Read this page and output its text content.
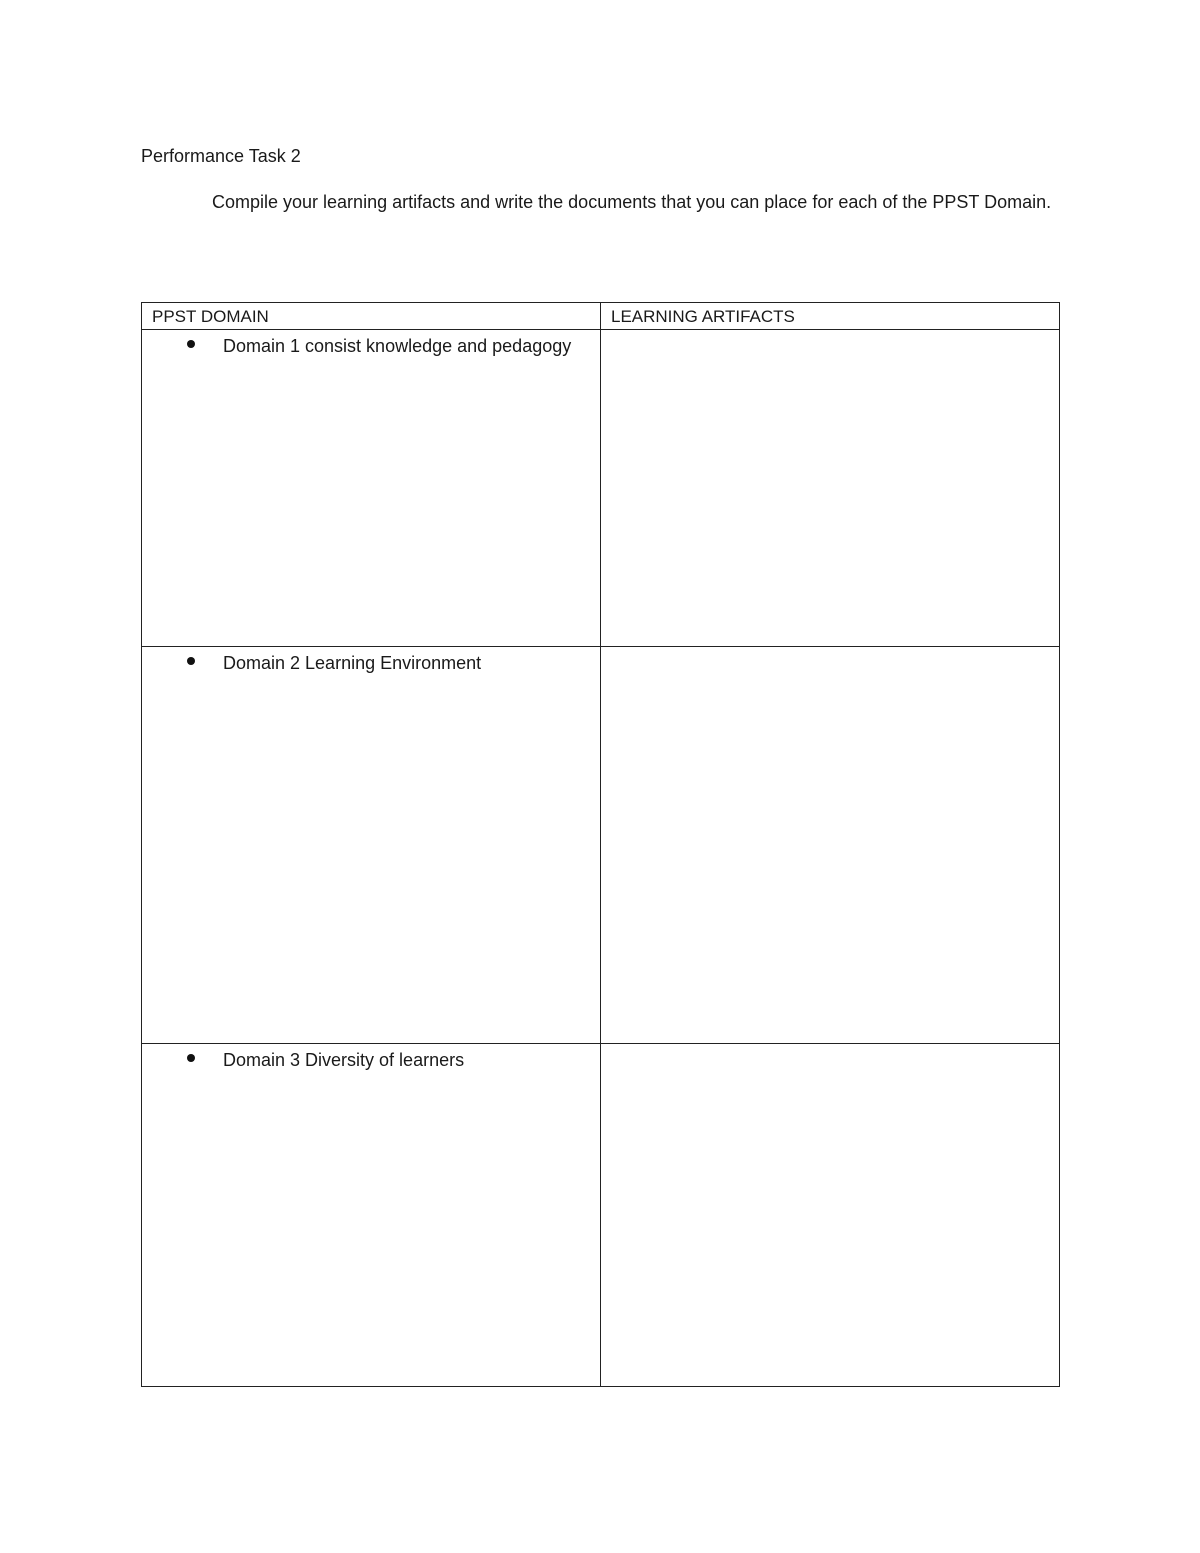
Performance Task 2

Compile your learning artifacts and write the documents that you can place for each of the PPST Domain.

PPST DOMAIN	LEARNING ARTIFACTS

Domain 1 consist knowledge and pedagogy	

Domain 2 Learning Environment	

Domain 3 Diversity of learners	
